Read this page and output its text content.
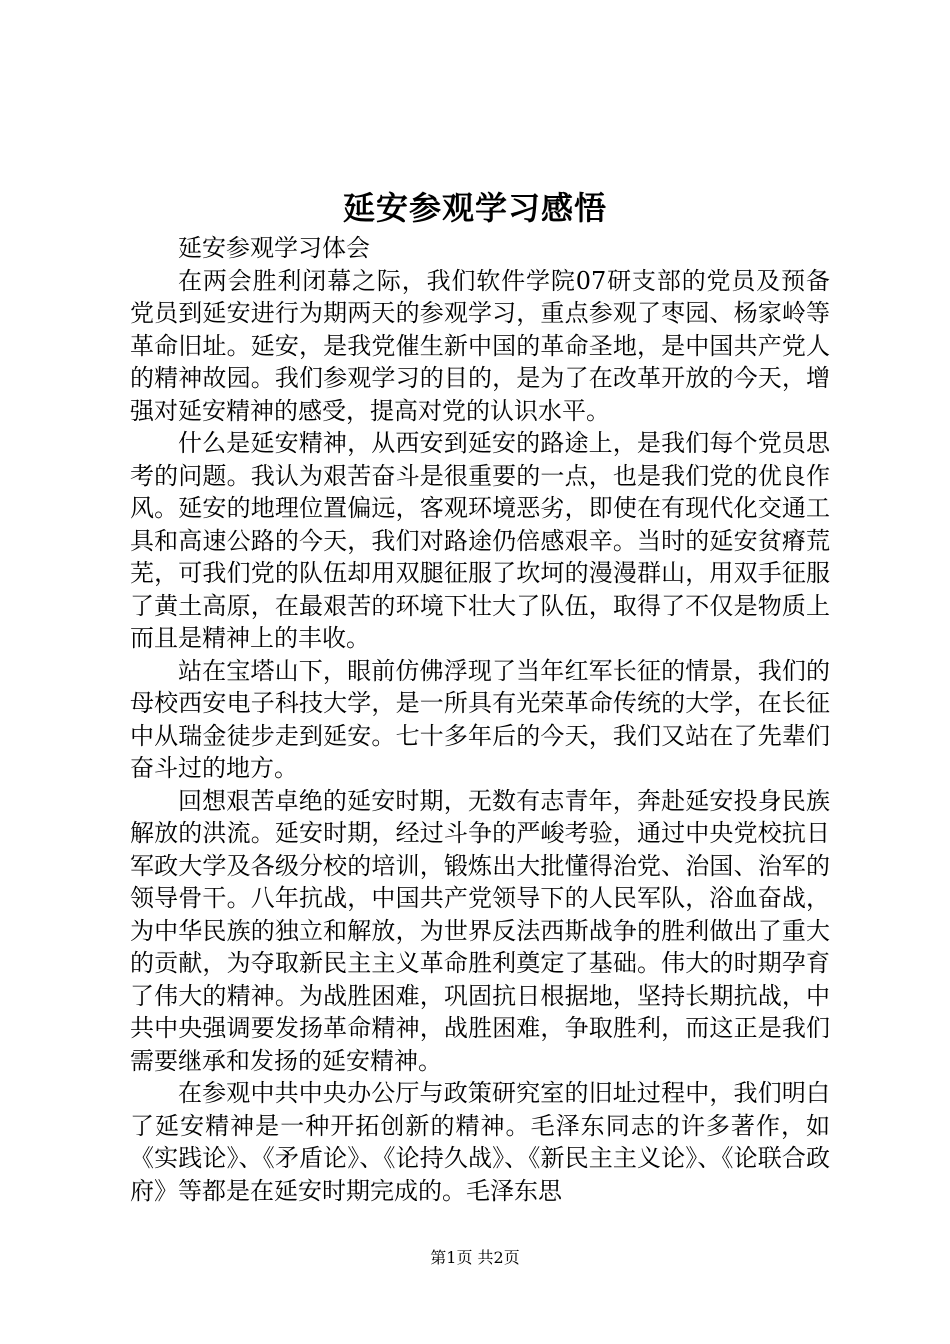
延安参观学习感悟

延安参观学习体会

在两会胜利闭幕之际，我们软件学院07研支部的党员及预备党员到延安进行为期两天的参观学习，重点参观了枣园、杨家岭等革命旧址。延安，是我党催生新中国的革命圣地，是中国共产党人的精神故园。我们参观学习的目的，是为了在改革开放的今天，增强对延安精神的感受，提高对党的认识水平。

什么是延安精神，从西安到延安的路途上，是我们每个党员思考的问题。我认为艰苦奋斗是很重要的一点，也是我们党的优良作风。延安的地理位置偏远，客观环境恶劣，即使在有现代化交通工具和高速公路的今天，我们对路途仍倍感艰辛。当时的延安贫瘠荒芜，可我们党的队伍却用双腿征服了坎坷的漫漫群山，用双手征服了黄土高原，在最艰苦的环境下壮大了队伍，取得了不仅是物质上而且是精神上的丰收。

站在宝塔山下，眼前仿佛浮现了当年红军长征的情景，我们的母校西安电子科技大学，是一所具有光荣革命传统的大学，在长征中从瑞金徒步走到延安。七十多年后的今天，我们又站在了先辈们奋斗过的地方。

回想艰苦卓绝的延安时期，无数有志青年，奔赴延安投身民族解放的洪流。延安时期，经过斗争的严峻考验，通过中央党校抗日军政大学及各级分校的培训，锻炼出大批懂得治党、治国、治军的领导骨干。八年抗战，中国共产党领导下的人民军队，浴血奋战，为中华民族的独立和解放，为世界反法西斯战争的胜利做出了重大的贡献，为夺取新民主主义革命胜利奠定了基础。伟大的时期孕育了伟大的精神。为战胜困难，巩固抗日根据地，坚持长期抗战，中共中央强调要发扬革命精神，战胜困难，争取胜利，而这正是我们需要继承和发扬的延安精神。

在参观中共中央办公厅与政策研究室的旧址过程中，我们明白了延安精神是一种开拓创新的精神。毛泽东同志的许多著作，如《实践论》、《矛盾论》、《论持久战》、《新民主主义论》、《论联合政府》等都是在延安时期完成的。毛泽东思

第1页 共2页
